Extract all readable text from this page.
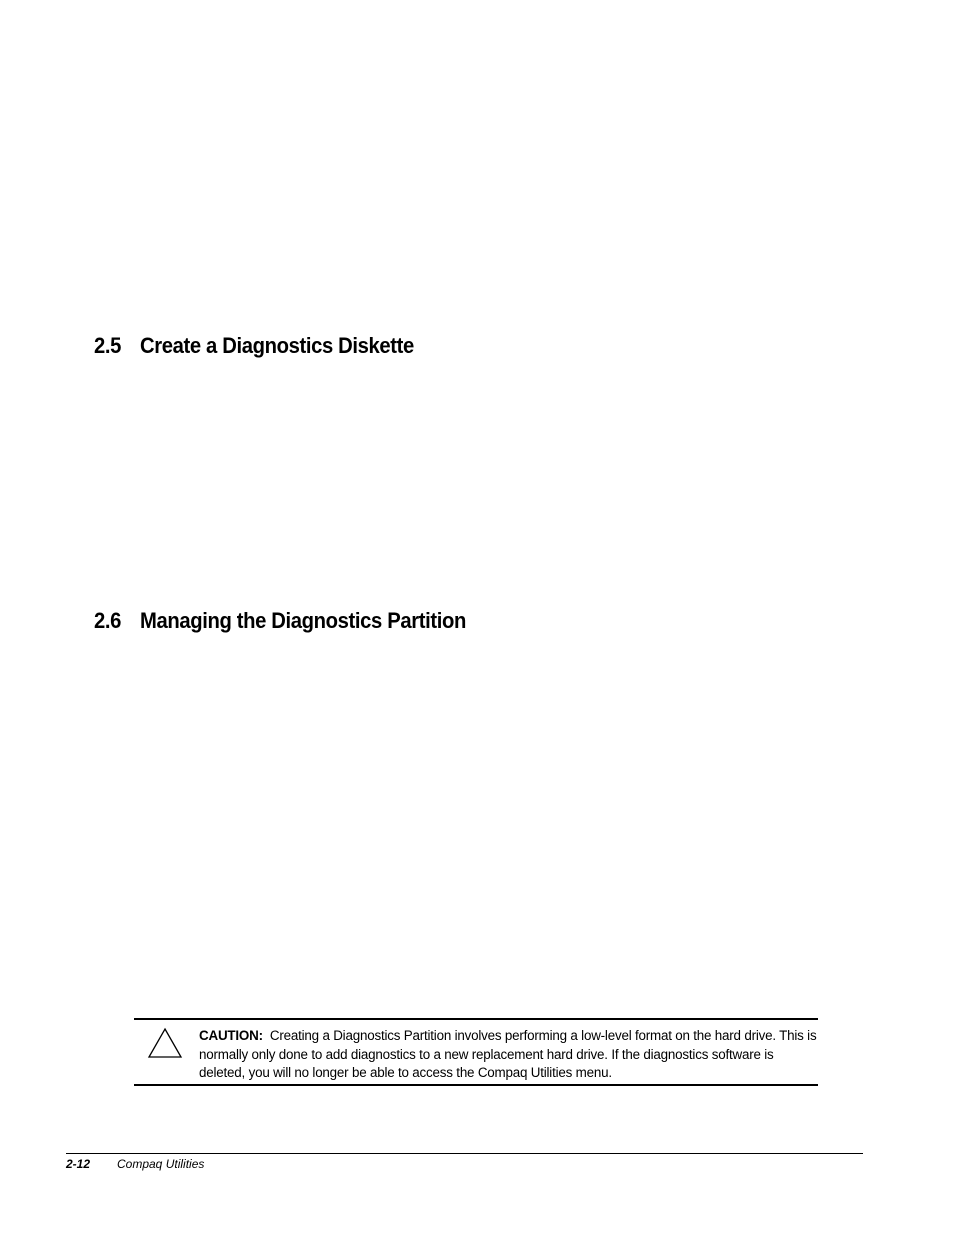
2.5 Create a Diagnostics Diskette
2.6 Managing the Diagnostics Partition
CAUTION: Creating a Diagnostics Partition involves performing a low-level format on the hard drive. This is normally only done to add diagnostics to a new replacement hard drive. If the diagnostics software is deleted, you will no longer be able to access the Compaq Utilities menu.
2-12 Compaq Utilities
